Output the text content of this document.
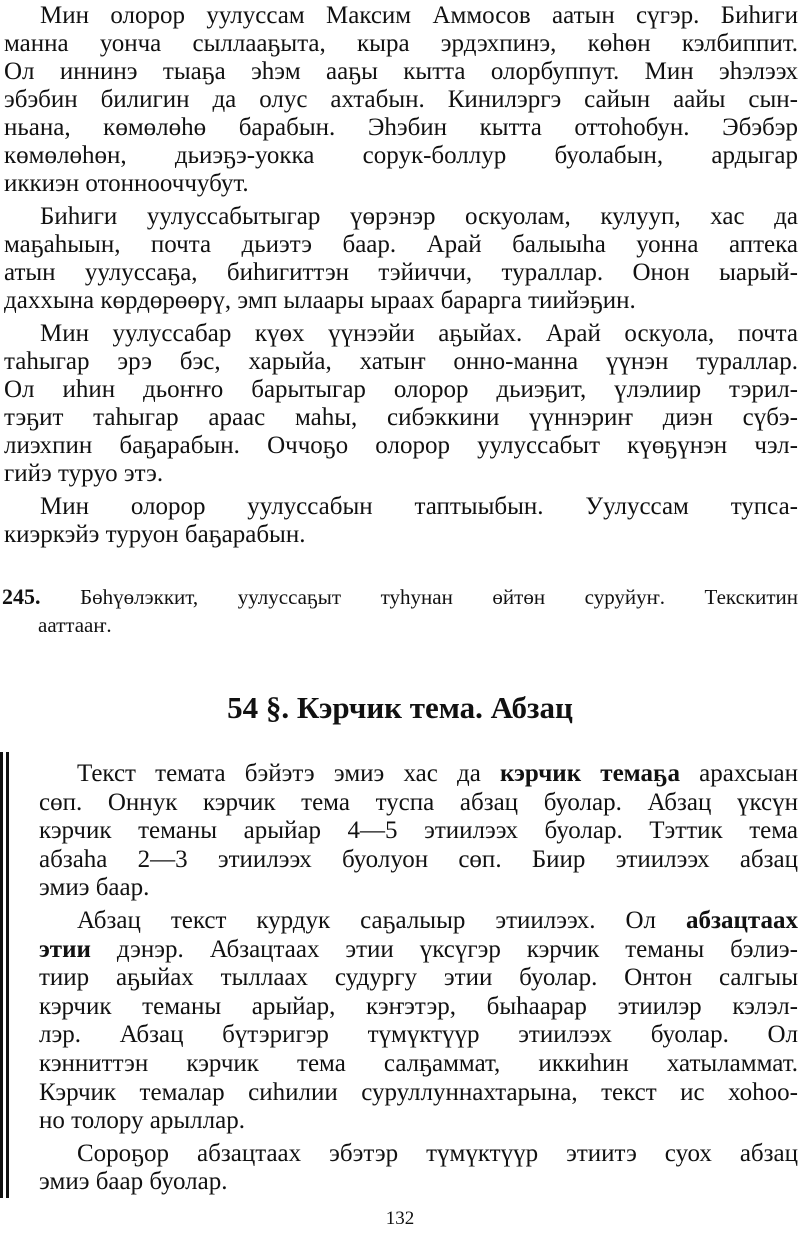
Мин олорор уулуссам Максим Аммосов аатын сүгэр. Биһиги
манна уонча сыллааҕыта, кыра эрдэхпинэ, көһөн кэлбиппит.
Ол иннинэ тыаҕа эһэм ааҕы кытта олорбуппут. Мин эһэлээх
эбэбин билигин да олус ахтабын. Кинилэргэ сайын аайы сын-
ньана, көмөлөһө барабын. Эһэбин кытта оттоһобун. Эбэбэр
көмөлөһөн, дьиэҕэ-уокка сорук-боллур буолабын, ардыгар
иккиэн отоннооччубут.
Биһиги уулуссабытыгар үөрэнэр оскуолам, кулууп, хас да
маҕаһыын, почта дьиэтэ баар. Арай балыыһа уонна аптека
атын уулуссаҕа, биһигиттэн тэйиччи, тураллар. Онон ыарый-
даххына көрдөрөөрү, эмп ылаары ыраах барарга тиийэҕин.
Мин уулуссабар күөх үүнээйи аҕыйах. Арай оскуола, почта
таһыгар эрэ бэс, харыйа, хатыҥ онно-манна үүнэн тураллар.
Ол иһин дьоҥҥо барытыгар олорор дьиэҕит, үлэлиир тэрил-
тэҕит таһыгар араас маһы, сибэккини үүннэриҥ диэн сүбэ-
лиэхпин баҕарабын. Оччоҕо олорор уулуссабыт күөҕүнэн чэл-
гийэ туруо этэ.
Мин олорор уулуссабын таптыыбын. Уулуссам тупса-
киэркэйэ туруон баҕарабын.
245. Бөһүөлэккит, уулуссаҕыт туһунан өйтөн суруйуҥ. Текскитин
ааттааҥ.
54 §. Кэрчик тема. Абзац
Текст темата бэйэтэ эмиэ хас да кэрчик темаҕа арахсыан
сөп. Оннук кэрчик тема туспа абзац буолар. Абзац үксүн
кэрчик теманы арыйар 4—5 этиилээх буолар. Тэттик тема
абзаһа 2—3 этиилээх буолуон сөп. Биир этиилээх абзац
эмиэ баар.
Абзац текст курдук саҕалыыр этиилээх. Ол абзацтаах
этии дэнэр. Абзацтаах этии үксүгэр кэрчик теманы бэлиэ-
тиир аҕыйах тыллаах судургу этии буолар. Онтон салгыы
кэрчик теманы арыйар, кэҥэтэр, быһаарар этиилэр кэлэл-
лэр. Абзац бүтэригэр түмүктүүр этиилээх буолар. Ол
кэнниттэн кэрчик тема салҕаммат, иккиһин хатыламмат.
Кэрчик темалар сиһилии суруллуннахтарына, текст ис хоһоо-
но толору арыллар.
Сороҕор абзацтаах эбэтэр түмүктүүр этиитэ суох абзац
эмиэ баар буолар.
132
